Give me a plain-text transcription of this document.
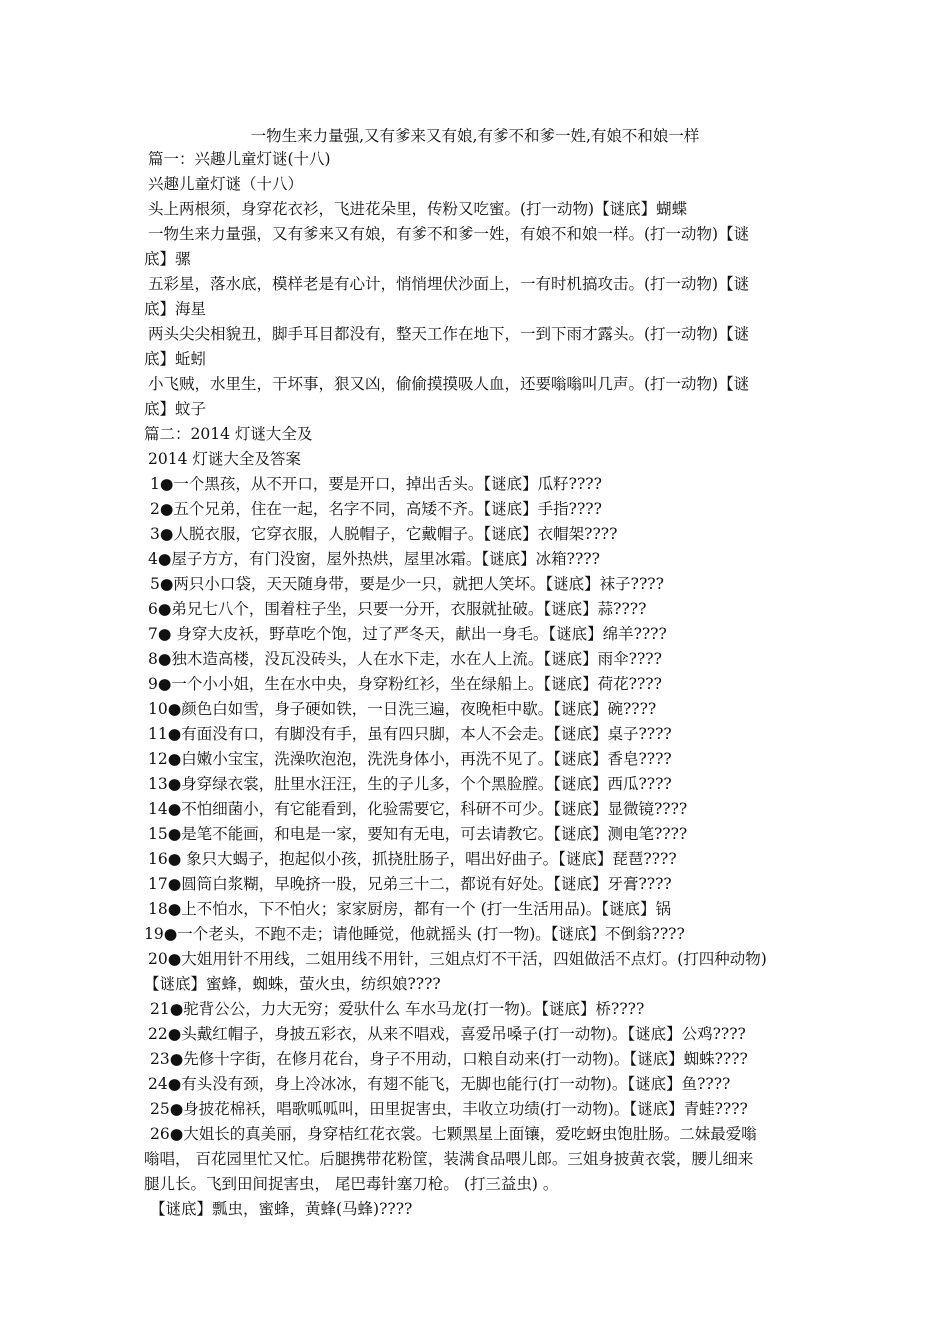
一物生来力量强,又有爹来又有娘,有爹不和爹一姓,有娘不和娘一样
篇一：兴趣儿童灯谜(十八)
兴趣儿童灯谜（十八）
头上两根须，身穿花衣衫，飞进花朵里，传粉又吃蜜。(打一动物)【谜底】蝴蝶
一物生来力量强，又有爹来又有娘，有爹不和爹一姓，有娘不和娘一样。(打一动物)【谜
底】骡
五彩星，落水底，模样老是有心计，悄悄埋伏沙面上，一有时机搞攻击。(打一动物)【谜
底】海星
两头尖尖相貌丑，脚手耳目都没有，整天工作在地下，一到下雨才露头。(打一动物)【谜
底】蚯蚓
小飞贼，水里生，干坏事，狠又凶，偷偷摸摸吸人血，还要嗡嗡叫几声。(打一动物)【谜
底】蚊子
篇二：2014 灯谜大全及
2014 灯谜大全及答案
1●一个黑孩，从不开口，要是开口，掉出舌头。【谜底】瓜籽????
2●五个兄弟，住在一起，名字不同，高矮不齐。【谜底】手指????
3●人脱衣服，它穿衣服，人脱帽子，它戴帽子。【谜底】衣帽架????
4●屋子方方，有门没窗，屋外热烘，屋里冰霜。【谜底】冰箱????
5●两只小口袋，天天随身带，要是少一只，就把人笑坏。【谜底】袜子????
6●弟兄七八个，围着柱子坐，只要一分开，衣服就扯破。【谜底】蒜????
7● 身穿大皮袄，野草吃个饱，过了严冬天，献出一身毛。【谜底】绵羊????
8●独木造高楼，没瓦没砖头，人在水下走，水在人上流。【谜底】雨伞????
9●一个小小姐，生在水中央，身穿粉红衫，坐在绿船上。【谜底】荷花????
10●颜色白如雪，身子硬如铁，一日洗三遍，夜晚柜中歇。【谜底】碗????
11●有面没有口，有脚没有手，虽有四只脚，本人不会走。【谜底】桌子????
12●白嫩小宝宝，洗澡吹泡泡，洗洗身体小，再洗不见了。【谜底】香皂????
13●身穿绿衣裳，肚里水汪汪，生的子儿多，个个黑脸膛。【谜底】西瓜????
14●不怕细菌小，有它能看到，化验需要它，科研不可少。【谜底】显微镜????
15●是笔不能画，和电是一家，要知有无电，可去请教它。【谜底】测电笔????
16● 象只大蝎子，抱起似小孩，抓挠肚肠子，唱出好曲子。【谜底】琵琶????
17●圆筒白浆糊，早晚挤一股，兄弟三十二，都说有好处。【谜底】牙膏????
18●上不怕水，下不怕火；家家厨房，都有一个 (打一生活用品)。【谜底】锅
19●一个老头，不跑不走；请他睡觉，他就摇头 (打一物)。【谜底】不倒翁????
20●大姐用针不用线，二姐用线不用针，三姐点灯不干活，四姐做活不点灯。(打四种动物)
【谜底】蜜蜂，蜘蛛，萤火虫，纺织娘????
21●驼背公公，力大无穷；爱驮什么 车水马龙(打一物)。【谜底】桥????
22●头戴红帽子，身披五彩衣，从来不唱戏，喜爱吊嗓子(打一动物)。【谜底】公鸡????
23●先修十字街，在修月花台，身子不用动，口粮自动来(打一动物)。【谜底】蜘蛛????
24●有头没有颈，身上冷冰冰，有翅不能飞，无脚也能行(打一动物)。【谜底】鱼????
25●身披花棉袄，唱歌呱呱叫，田里捉害虫，丰收立功绩(打一动物)。【谜底】青蛙????
26●大姐长的真美丽，身穿桔红花衣裳。七颗黑星上面镶，爱吃蚜虫饱肚肠。二妹最爱嗡
嗡唱， 百花园里忙又忙。后腿携带花粉筐，装满食品喂儿郎。三姐身披黄衣裳，腰儿细来
腿儿长。飞到田间捉害虫， 尾巴毒针塞刀枪。 (打三益虫) 。
【谜底】瓢虫，蜜蜂，黄蜂(马蜂)????
